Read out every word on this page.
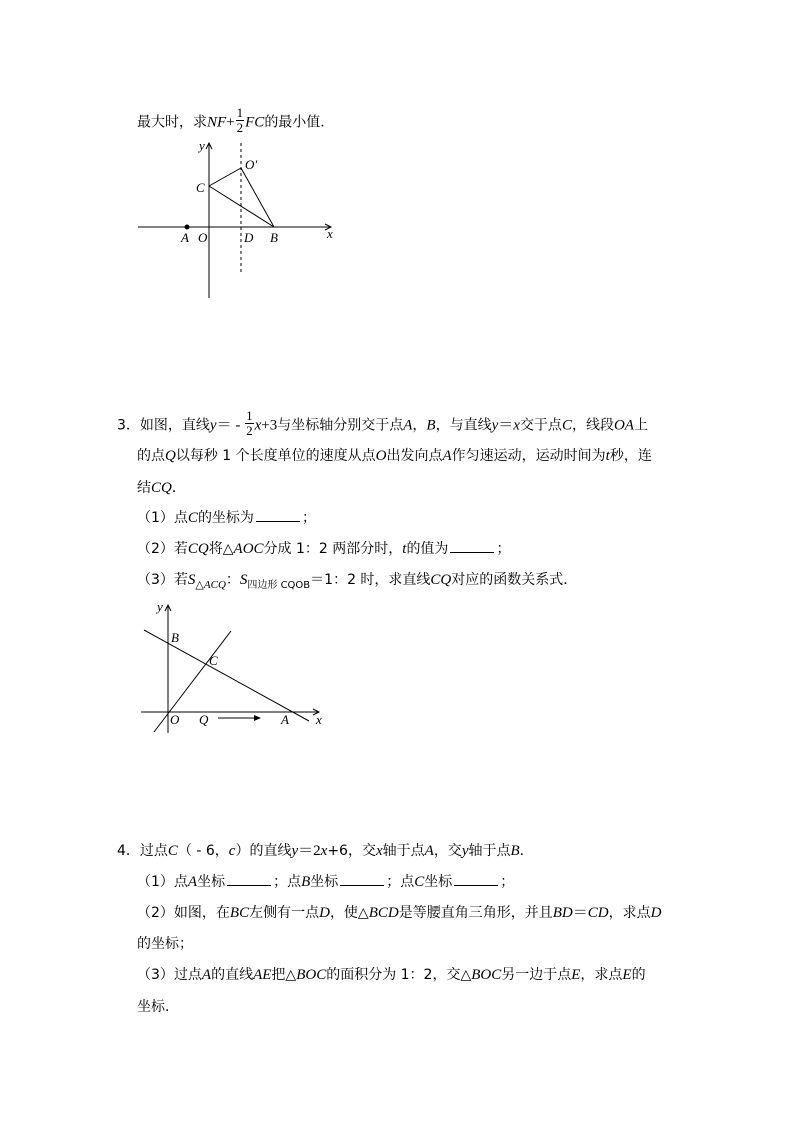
最大时，求$NF+ \frac{1}{2}$ FC的最小值．
y
x
O′
C
A O	D B
3．如图，直线$y= - \frac{1}{2} x+3$与坐标轴分别交于点A，B，与直线y＝x交于点C，线段OA上
的点Q以每秒 1 个长度单位的速度从点O出发向点A作匀速运动，运动时间为t秒，连
结CQ．
（1）点C的坐标为	；
（2）若CQ将△AOC分成 1：2 两部分时，t的值为	；
（3）若$S_{\triangle ACQ}$：$S_{四边形 CQOB}=1$：2 时，求直线CQ对应的函数关系式．
y
B
C
O Q	A x
4．过点C（ - 6，c）的直线y＝2x+6，交x轴于点A，交y轴于点B．
（1）点A坐标	；点B坐标	；点C坐标	；
（2）如图，在BC左侧有一点D，使△BCD是等腰直角三角形，并且BD＝CD，求点D
的坐标；
（3）过点A的直线AE把△BOC的面积分为 1：2，交△BOC另一边于点E，求点E的
坐标．
